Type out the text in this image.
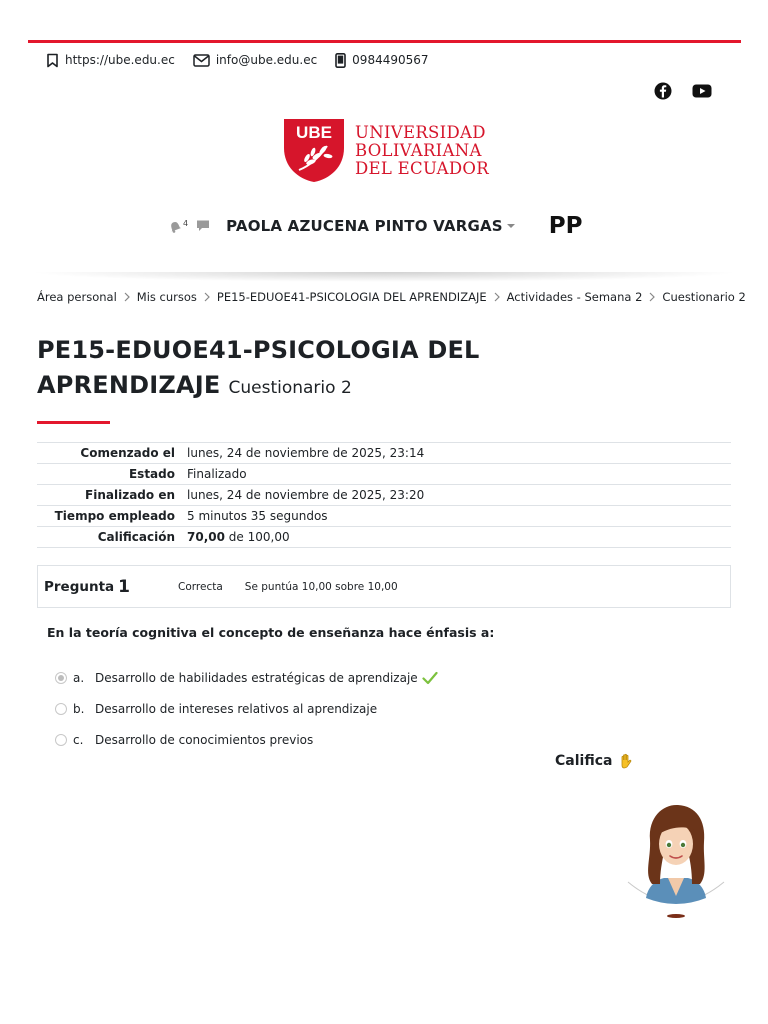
https://ube.edu.ec	info@ube.edu.ec	0984490567
UBE UNIVERSIDAD
BOLIVARIANA
DEL ECUADOR
4	PAOLA AZUCENA PINTO VARGAS PP
Área personal Mis cursos PE15-EDUOE41-PSICOLOGIA DEL APRENDIZAJE Actividades - Semana 2 Cuestionario 2
PE15-EDUOE41-PSICOLOGIA DEL APRENDIZAJE Cuestionario 2
Comenzado el	lunes, 24 de noviembre de 2025, 23:14
Estado	Finalizado
Finalizado en	lunes, 24 de noviembre de 2025, 23:20
Tiempo empleado	5 minutos 35 segundos
Calificación	70,00 de 100,00
Pregunta 1	Correcta Se puntúa 10,00 sobre 10,00
En la teoría cognitiva el concepto de enseñanza hace énfasis a:
a. Desarrollo de habilidades estratégicas de aprendizaje
b. Desarrollo de intereses relativos al aprendizaje
c. Desarrollo de conocimientos previos
Califica
